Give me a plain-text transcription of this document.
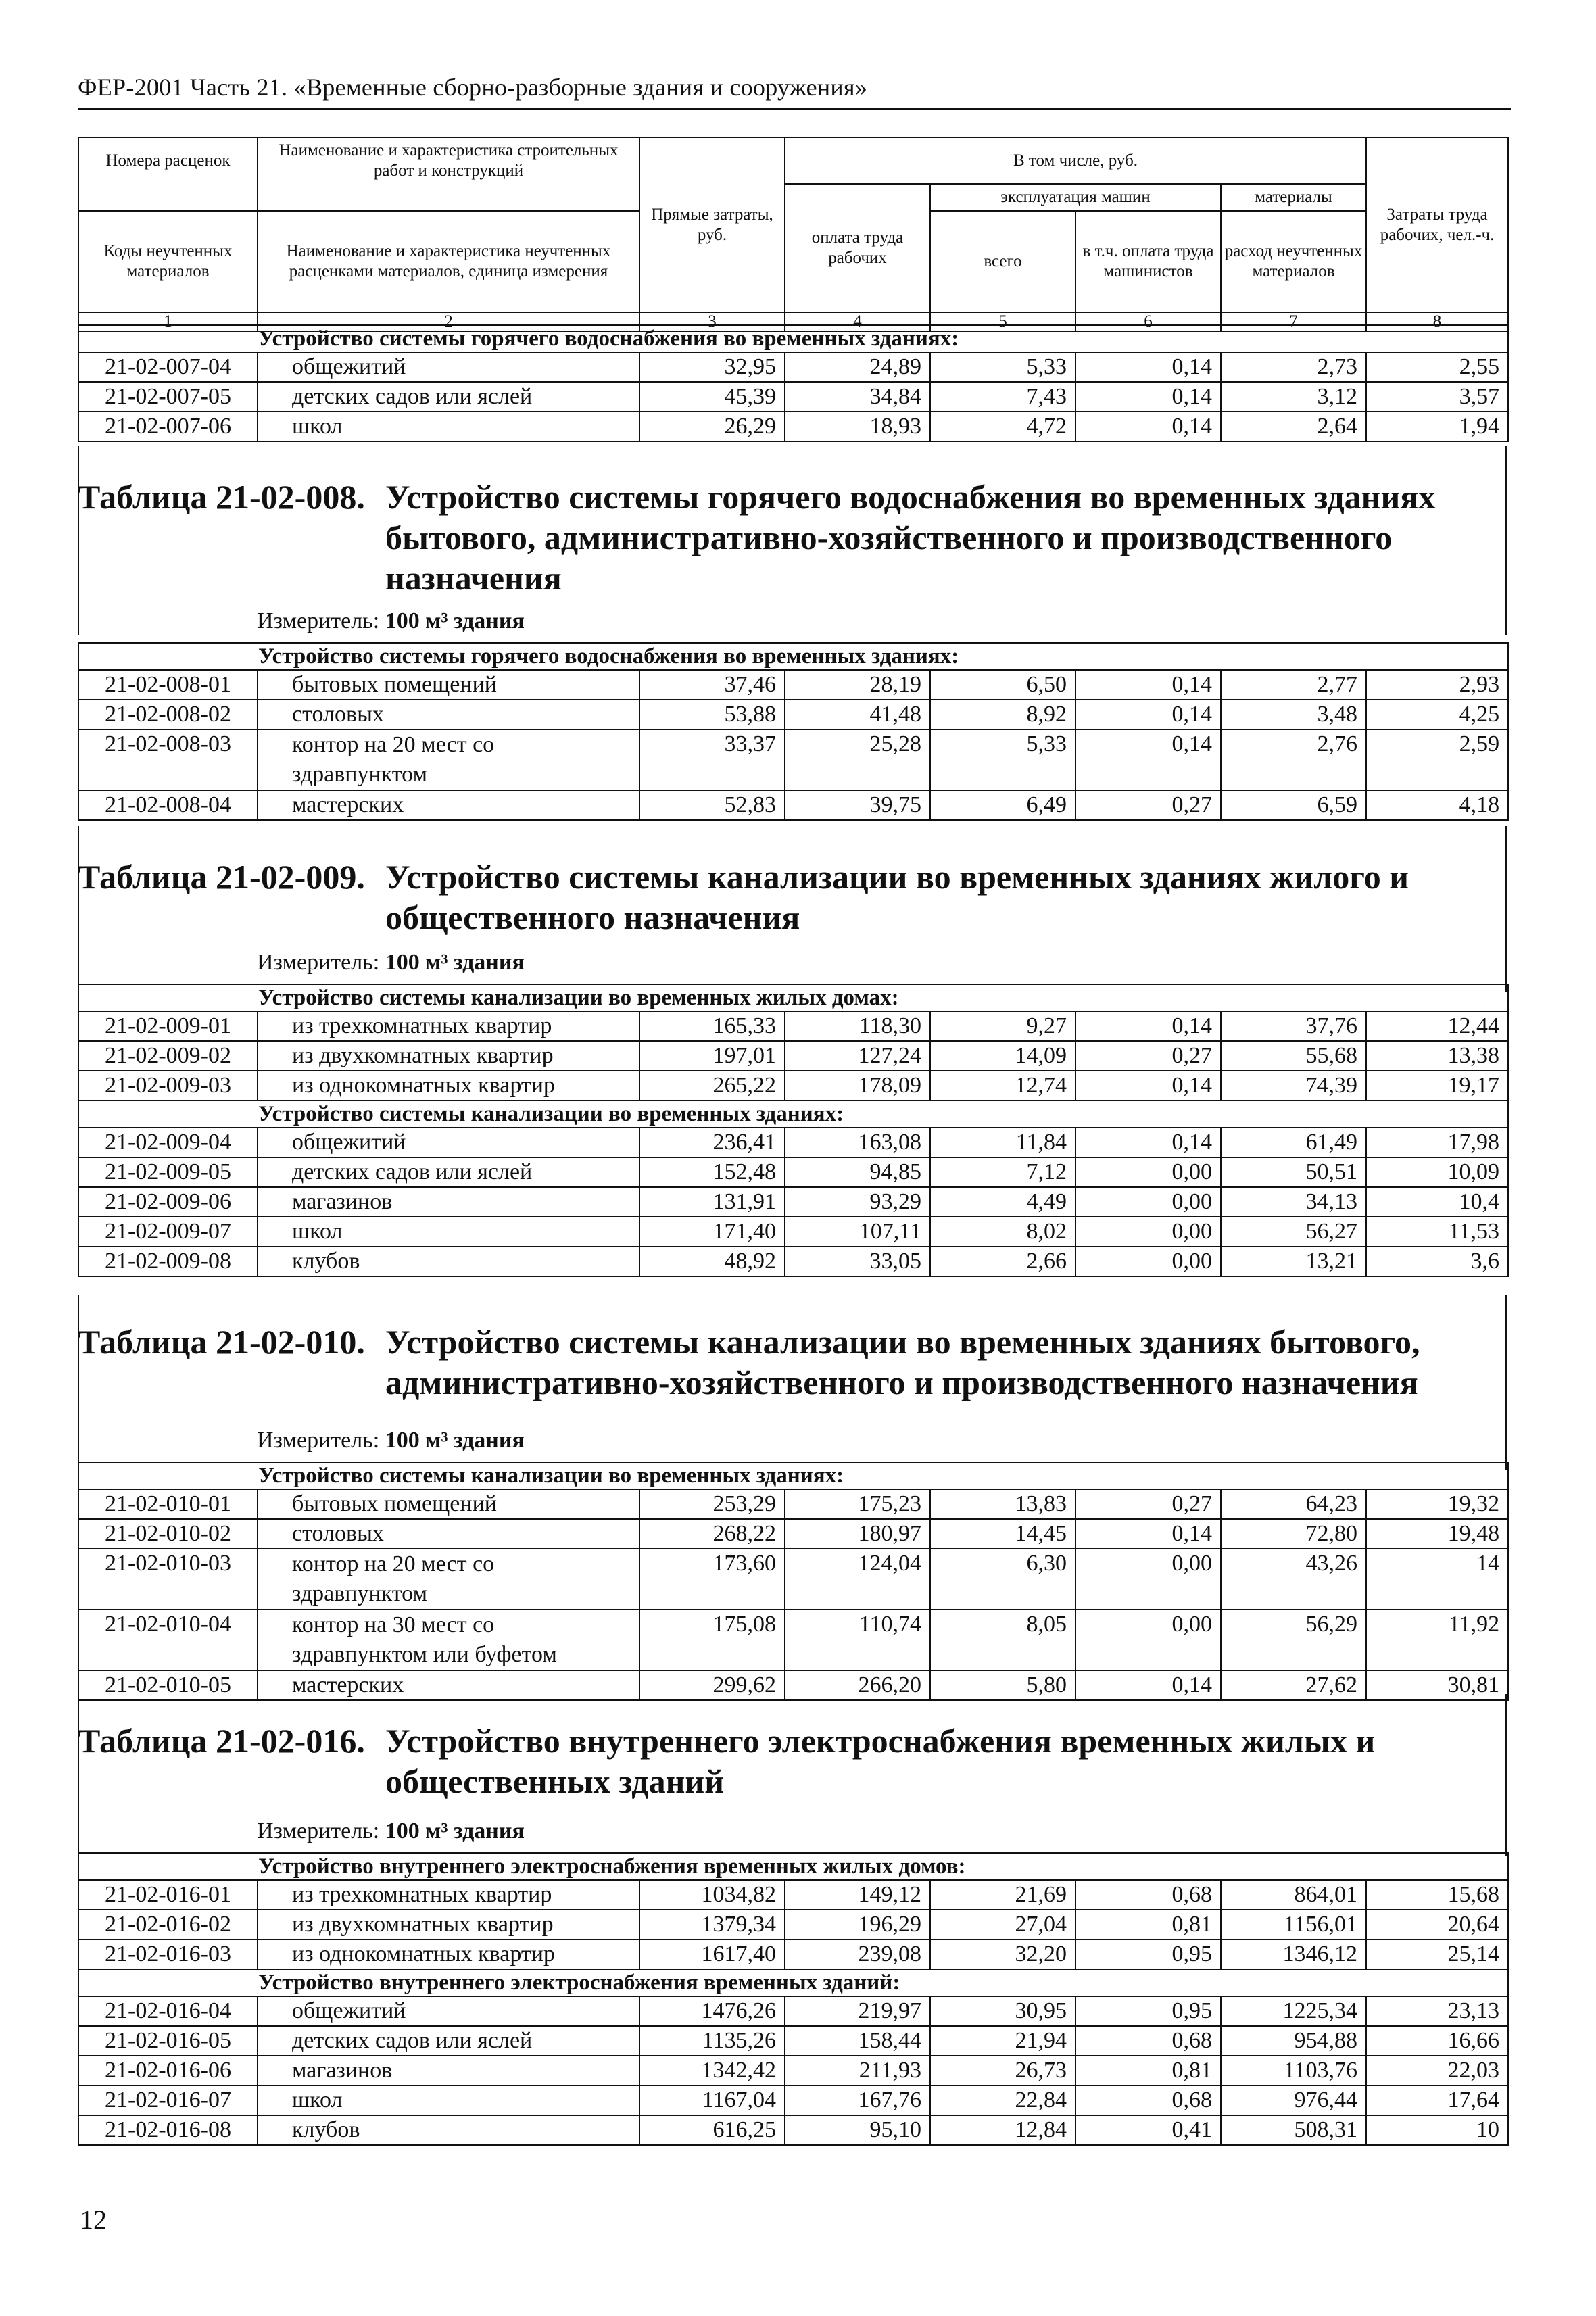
ФЕР-2001 Часть 21. «Временные сборно-разборные здания и сооружения»
Номера расценок	Наименование и характеристика строительных работ и конструкций	Прямые затраты, руб.	В том числе, руб.				Затраты труда рабочих, чел.-ч.
			оплата труда рабочих	эксплуатация машин		материалы	
Коды неучтенных материалов	Наименование и характеристика неучтенных расценками материалов, единица измерения			всего	в т.ч. оплата труда машинистов	расход неучтенных материалов	
1	2	3	4	5	6	7	8
Устройство системы горячего водоснабжения во временных зданиях:							
21-02-007-04	общежитий	32,95	24,89	5,33	0,14	2,73	2,55
21-02-007-05	детских садов или яслей	45,39	34,84	7,43	0,14	3,12	3,57
21-02-007-06	школ	26,29	18,93	4,72	0,14	2,64	1,94
Таблица 21-02-008. Устройство системы горячего водоснабжения во временных зданиях бытового, административно-хозяйственного и производственного назначения
Измеритель: 100 м³ здания
Устройство системы горячего водоснабжения во временных зданиях:							
21-02-008-01	бытовых помещений	37,46	28,19	6,50	0,14	2,77	2,93
21-02-008-02	столовых	53,88	41,48	8,92	0,14	3,48	4,25
21-02-008-03	контор на 20 мест со здравпунктом	33,37	25,28	5,33	0,14	2,76	2,59
21-02-008-04	мастерских	52,83	39,75	6,49	0,27	6,59	4,18
Таблица 21-02-009. Устройство системы канализации во временных зданиях жилого и общественного назначения
Измеритель: 100 м³ здания
Устройство системы канализации во временных жилых домах:							
21-02-009-01	из трехкомнатных квартир	165,33	118,30	9,27	0,14	37,76	12,44
21-02-009-02	из двухкомнатных квартир	197,01	127,24	14,09	0,27	55,68	13,38
21-02-009-03	из однокомнатных квартир	265,22	178,09	12,74	0,14	74,39	19,17
Устройство системы канализации во временных зданиях:							
21-02-009-04	общежитий	236,41	163,08	11,84	0,14	61,49	17,98
21-02-009-05	детских садов или яслей	152,48	94,85	7,12	0,00	50,51	10,09
21-02-009-06	магазинов	131,91	93,29	4,49	0,00	34,13	10,4
21-02-009-07	школ	171,40	107,11	8,02	0,00	56,27	11,53
21-02-009-08	клубов	48,92	33,05	2,66	0,00	13,21	3,6
Таблица 21-02-010. Устройство системы канализации во временных зданиях бытового, административно-хозяйственного и производственного назначения
Измеритель: 100 м³ здания
Устройство системы канализации во временных зданиях:							
21-02-010-01	бытовых помещений	253,29	175,23	13,83	0,27	64,23	19,32
21-02-010-02	столовых	268,22	180,97	14,45	0,14	72,80	19,48
21-02-010-03	контор на 20 мест со здравпунктом	173,60	124,04	6,30	0,00	43,26	14
21-02-010-04	контор на 30 мест со здравпунктом или буфетом	175,08	110,74	8,05	0,00	56,29	11,92
21-02-010-05	мастерских	299,62	266,20	5,80	0,14	27,62	30,81
Таблица 21-02-016. Устройство внутреннего электроснабжения временных жилых и общественных зданий
Измеритель: 100 м³ здания
Устройство внутреннего электроснабжения временных жилых домов:							
21-02-016-01	из трехкомнатных квартир	1034,82	149,12	21,69	0,68	864,01	15,68
21-02-016-02	из двухкомнатных квартир	1379,34	196,29	27,04	0,81	1156,01	20,64
21-02-016-03	из однокомнатных квартир	1617,40	239,08	32,20	0,95	1346,12	25,14
Устройство внутреннего электроснабжения временных зданий:							
21-02-016-04	общежитий	1476,26	219,97	30,95	0,95	1225,34	23,13
21-02-016-05	детских садов или яслей	1135,26	158,44	21,94	0,68	954,88	16,66
21-02-016-06	магазинов	1342,42	211,93	26,73	0,81	1103,76	22,03
21-02-016-07	школ	1167,04	167,76	22,84	0,68	976,44	17,64
21-02-016-08	клубов	616,25	95,10	12,84	0,41	508,31	10
12
